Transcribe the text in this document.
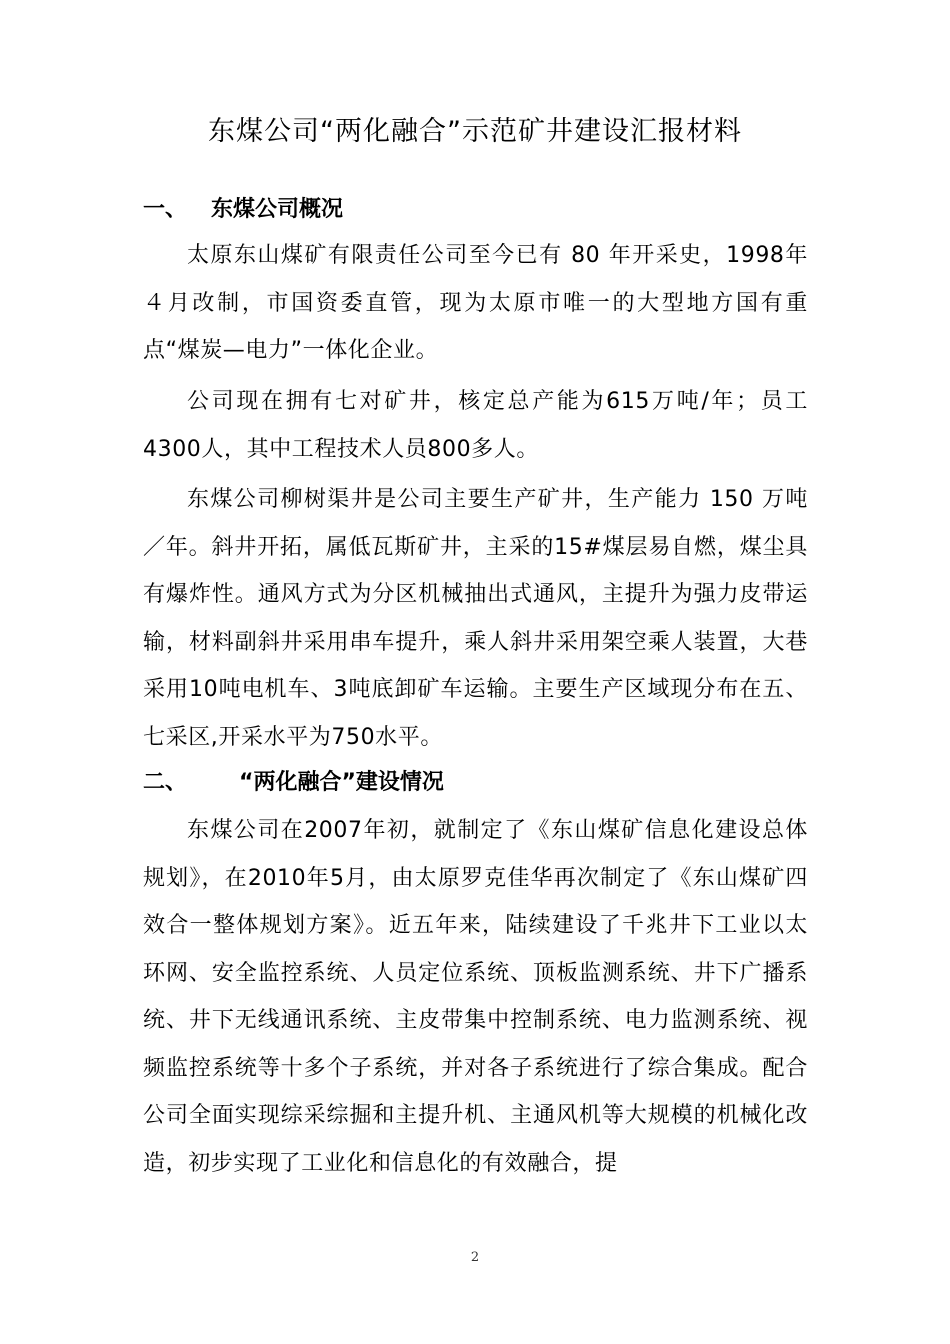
东煤公司“两化融合”示范矿井建设汇报材料
一、 东煤公司概况

太原东山煤矿有限责任公司至今已有 80 年开采史，1998年４月改制，市国资委直管，现为太原市唯一的大型地方国有重点“煤炭—电力”一体化企业。

公司现在拥有七对矿井，核定总产能为615万吨/年；员工4300人，其中工程技术人员800多人。

东煤公司柳树渠井是公司主要生产矿井，生产能力 150 万吨／年。斜井开拓，属低瓦斯矿井，主采的15#煤层易自燃，煤尘具有爆炸性。通风方式为分区机械抽出式通风，主提升为强力皮带运输，材料副斜井采用串车提升，乘人斜井采用架空乘人装置，大巷采用10吨电机车、3吨底卸矿车运输。主要生产区域现分布在五、七采区,开采水平为750水平。

二、 “两化融合”建设情况

东煤公司在2007年初，就制定了《东山煤矿信息化建设总体规划》，在2010年5月，由太原罗克佳华再次制定了《东山煤矿四效合一整体规划方案》。近五年来，陆续建设了千兆井下工业以太环网、安全监控系统、人员定位系统、顶板监测系统、井下广播系统、井下无线通讯系统、主皮带集中控制系统、电力监测系统、视频监控系统等十多个子系统，并对各子系统进行了综合集成。配合公司全面实现综采综掘和主提升机、主通风机等大规模的机械化改造，初步实现了工业化和信息化的有效融合，提

2
